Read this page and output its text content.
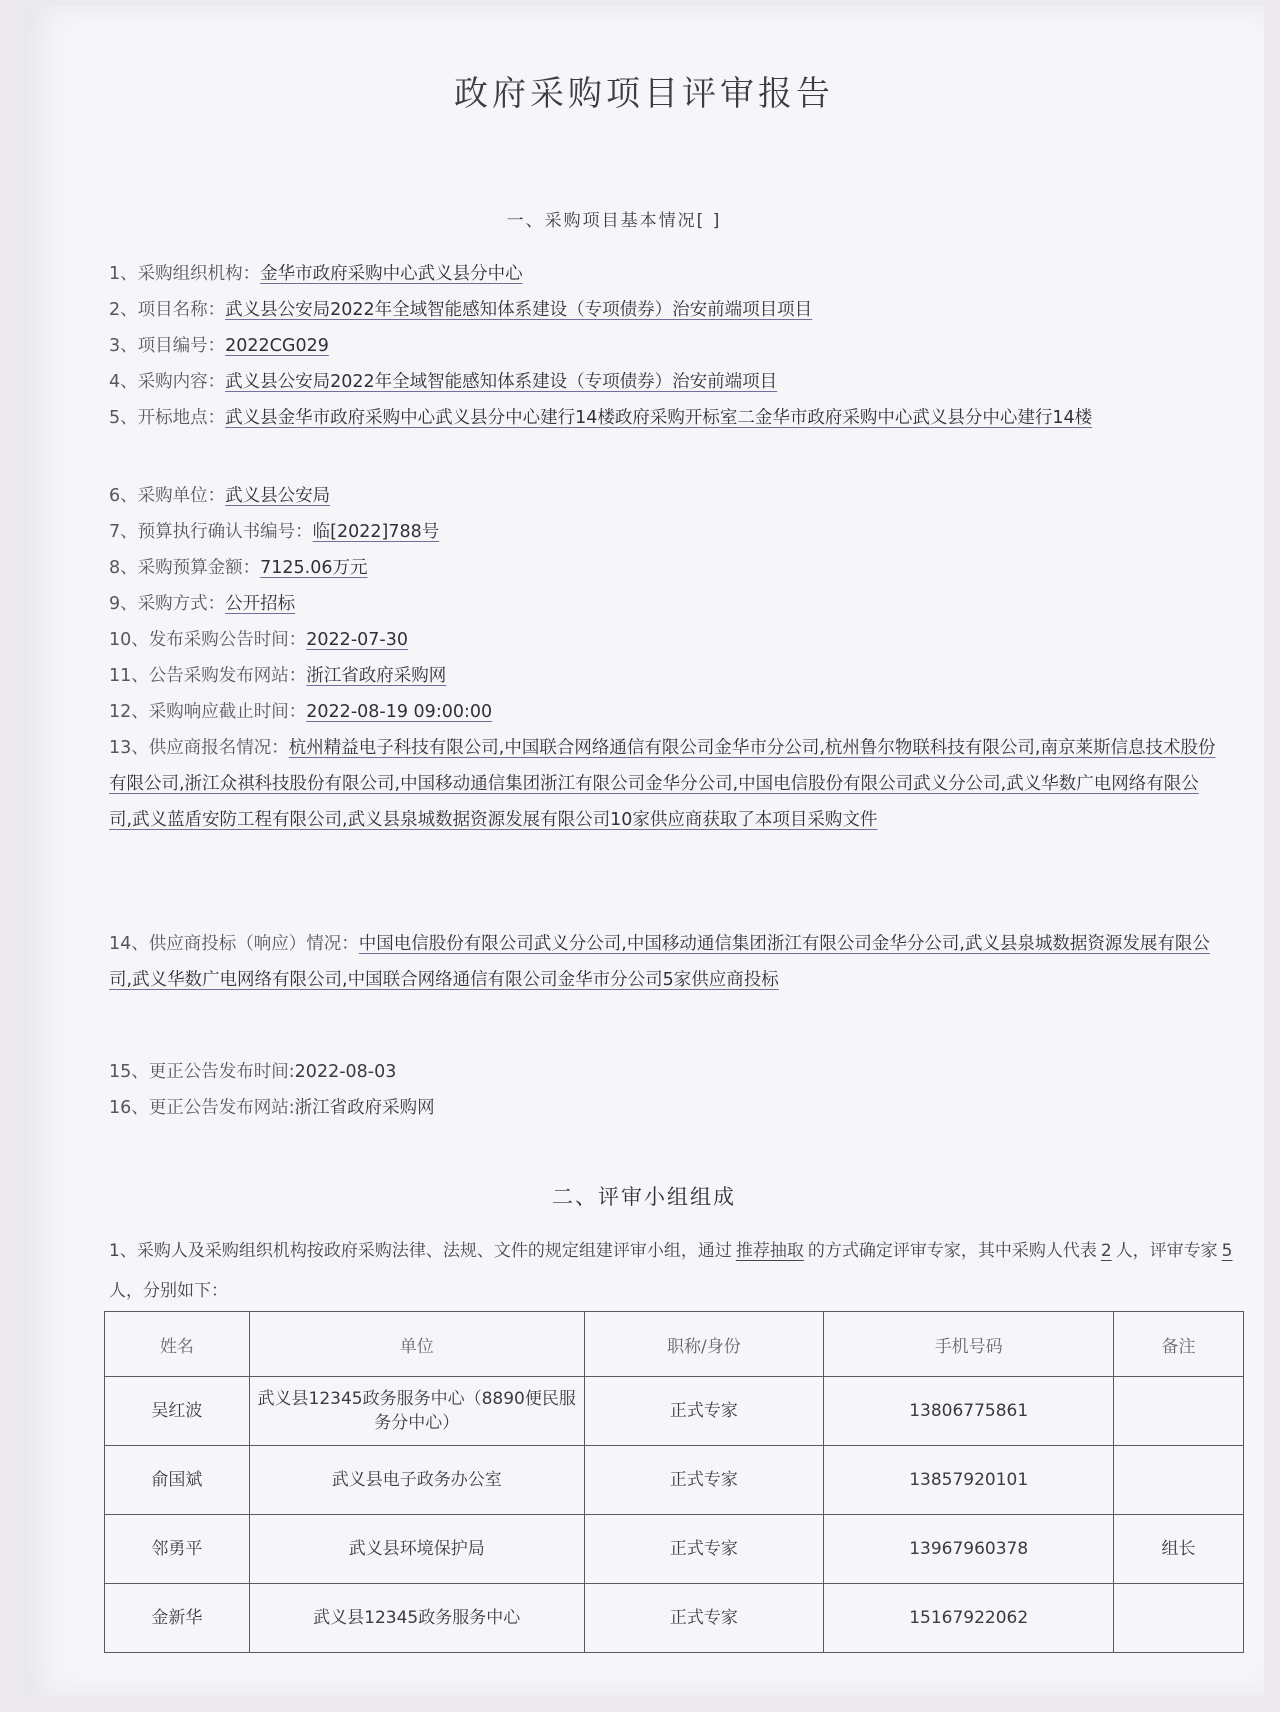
政府采购项目评审报告
一、采购项目基本情况[ ]
1、采购组织机构：金华市政府采购中心武义县分中心
2、项目名称：武义县公安局2022年全域智能感知体系建设（专项债券）治安前端项目项目
3、项目编号：2022CG029
4、采购内容：武义县公安局2022年全域智能感知体系建设（专项债券）治安前端项目
5、开标地点：武义县金华市政府采购中心武义县分中心建行14楼政府采购开标室二金华市政府采购中心武义县分中心建行14楼
6、采购单位：武义县公安局
7、预算执行确认书编号：临[2022]788号
8、采购预算金额：7125.06万元
9、采购方式：公开招标
10、发布采购公告时间：2022-07-30
11、公告采购发布网站：浙江省政府采购网
12、采购响应截止时间：2022-08-19 09:00:00
13、供应商报名情况：杭州精益电子科技有限公司,中国联合网络通信有限公司金华市分公司,杭州鲁尔物联科技有限公司,南京莱斯信息技术股份有限公司,浙江众祺科技股份有限公司,中国移动通信集团浙江有限公司金华分公司,中国电信股份有限公司武义分公司,武义华数广电网络有限公司,武义蓝盾安防工程有限公司,武义县泉城数据资源发展有限公司10家供应商获取了本项目采购文件
14、供应商投标（响应）情况：中国电信股份有限公司武义分公司,中国移动通信集团浙江有限公司金华分公司,武义县泉城数据资源发展有限公司,武义华数广电网络有限公司,中国联合网络通信有限公司金华市分公司5家供应商投标
15、更正公告发布时间:2022-08-03
16、更正公告发布网站:浙江省政府采购网
二、评审小组组成
1、采购人及采购组织机构按政府采购法律、法规、文件的规定组建评审小组，通过 推荐抽取 的方式确定评审专家，其中采购人代表 2 人，评审专家 5人，分别如下：
姓名	单位	职称/身份	手机号码	备注
吴红波	武义县12345政务服务中心（8890便民服务分中心）	正式专家	13806775861	
俞国斌	武义县电子政务办公室	正式专家	13857920101	
邻勇平	武义县环境保护局	正式专家	13967960378	组长
金新华	武义县12345政务服务中心	正式专家	15167922062	
